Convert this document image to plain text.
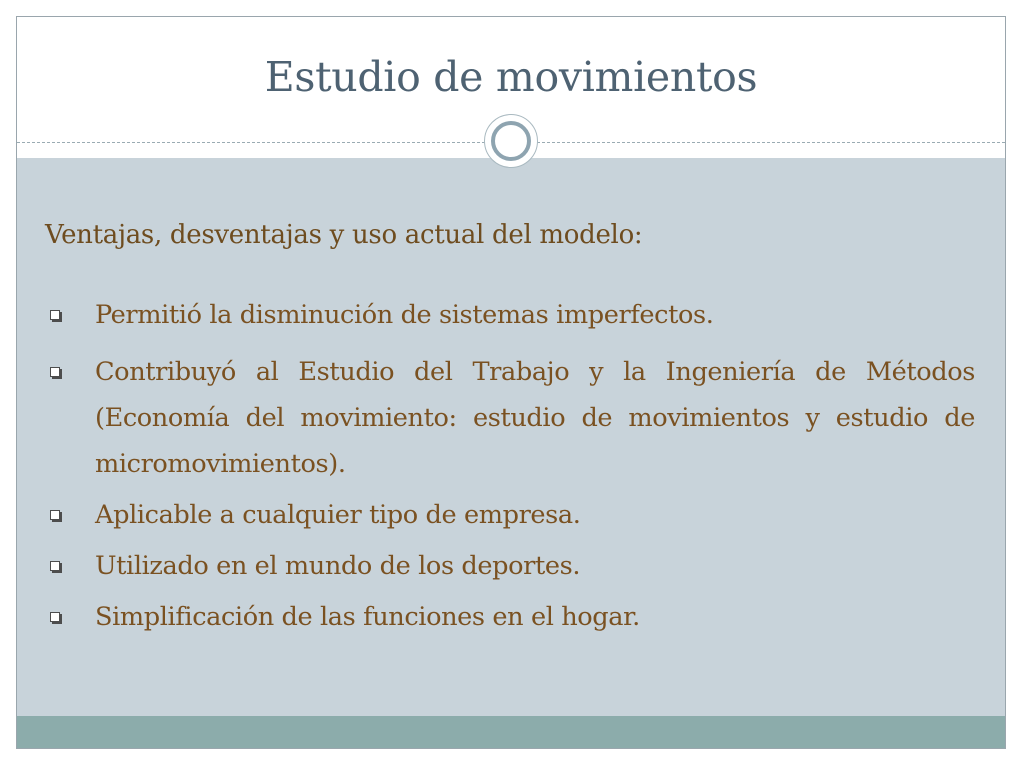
Estudio de movimientos

Ventajas, desventajas y uso actual del modelo:

Permitió la disminución de sistemas imperfectos.
Contribuyó al Estudio del Trabajo y la Ingeniería de Métodos (Economía del movimiento: estudio de movimientos y estudio de micromovimientos).
Aplicable a cualquier tipo de empresa.
Utilizado en el mundo de los deportes.
Simplificación de las funciones en el hogar.
